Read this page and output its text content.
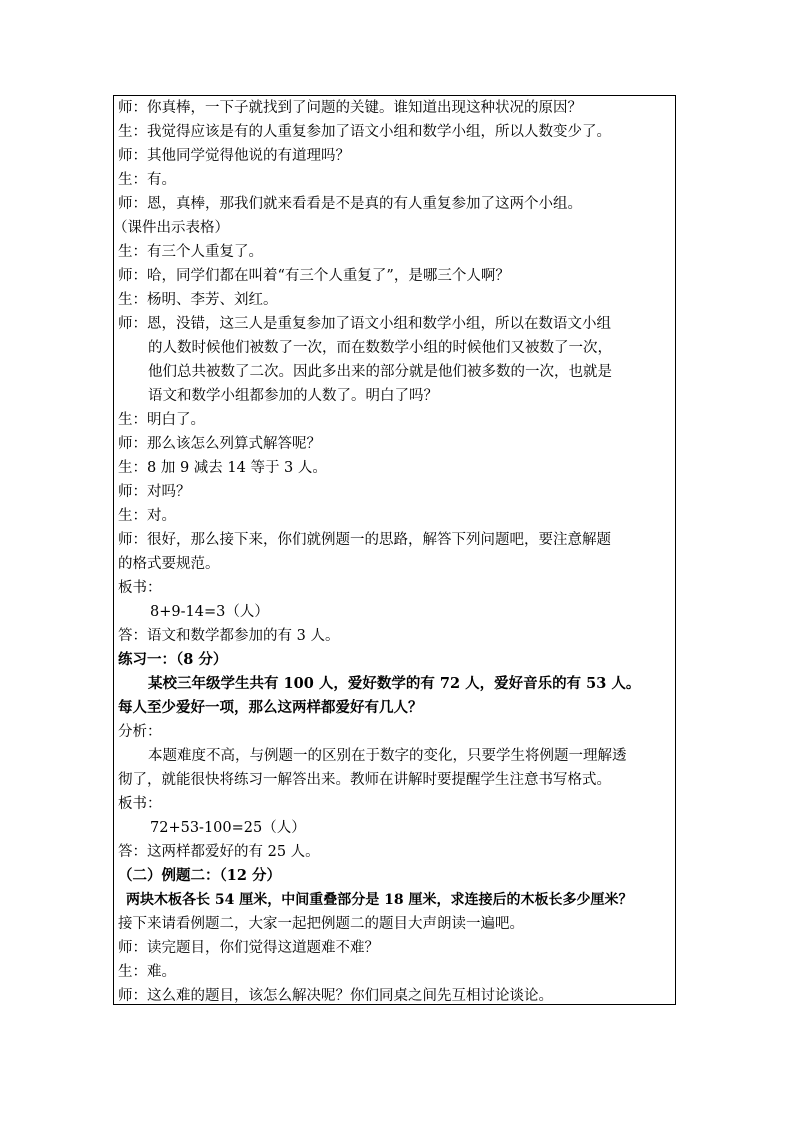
师：你真棒，一下子就找到了问题的关键。谁知道出现这种状况的原因？
生：我觉得应该是有的人重复参加了语文小组和数学小组，所以人数变少了。
师：其他同学觉得他说的有道理吗？
生：有。
师：恩，真棒，那我们就来看看是不是真的有人重复参加了这两个小组。
（课件出示表格）
生：有三个人重复了。
师：哈，同学们都在叫着“有三个人重复了”，是哪三个人啊？
生：杨明、李芳、刘红。
师：恩，没错，这三人是重复参加了语文小组和数学小组，所以在数语文小组
的人数时候他们被数了一次，而在数数学小组的时候他们又被数了一次，
他们总共被数了二次。因此多出来的部分就是他们被多数的一次，也就是
语文和数学小组都参加的人数了。明白了吗？
生：明白了。
师：那么该怎么列算式解答呢？
生：8 加 9 减去 14 等于 3 人。
师：对吗？
生：对。
师：很好，那么接下来，你们就例题一的思路，解答下列问题吧，要注意解题
的格式要规范。
板书：
8+9-14=3（人）
答：语文和数学都参加的有 3 人。
练习一：（8 分）
某校三年级学生共有 100 人，爱好数学的有 72 人，爱好音乐的有 53 人。
每人至少爱好一项，那么这两样都爱好有几人？
分析：
本题难度不高，与例题一的区别在于数字的变化，只要学生将例题一理解透
彻了，就能很快将练习一解答出来。教师在讲解时要提醒学生注意书写格式。
板书：
72+53-100=25（人）
答：这两样都爱好的有 25 人。
（二）例题二：（12 分）
两块木板各长 54 厘米，中间重叠部分是 18 厘米，求连接后的木板长多少厘米？
接下来请看例题二，大家一起把例题二的题目大声朗读一遍吧。
师：读完题目，你们觉得这道题难不难？
生：难。
师：这么难的题目，该怎么解决呢？你们同桌之间先互相讨论谈论。
